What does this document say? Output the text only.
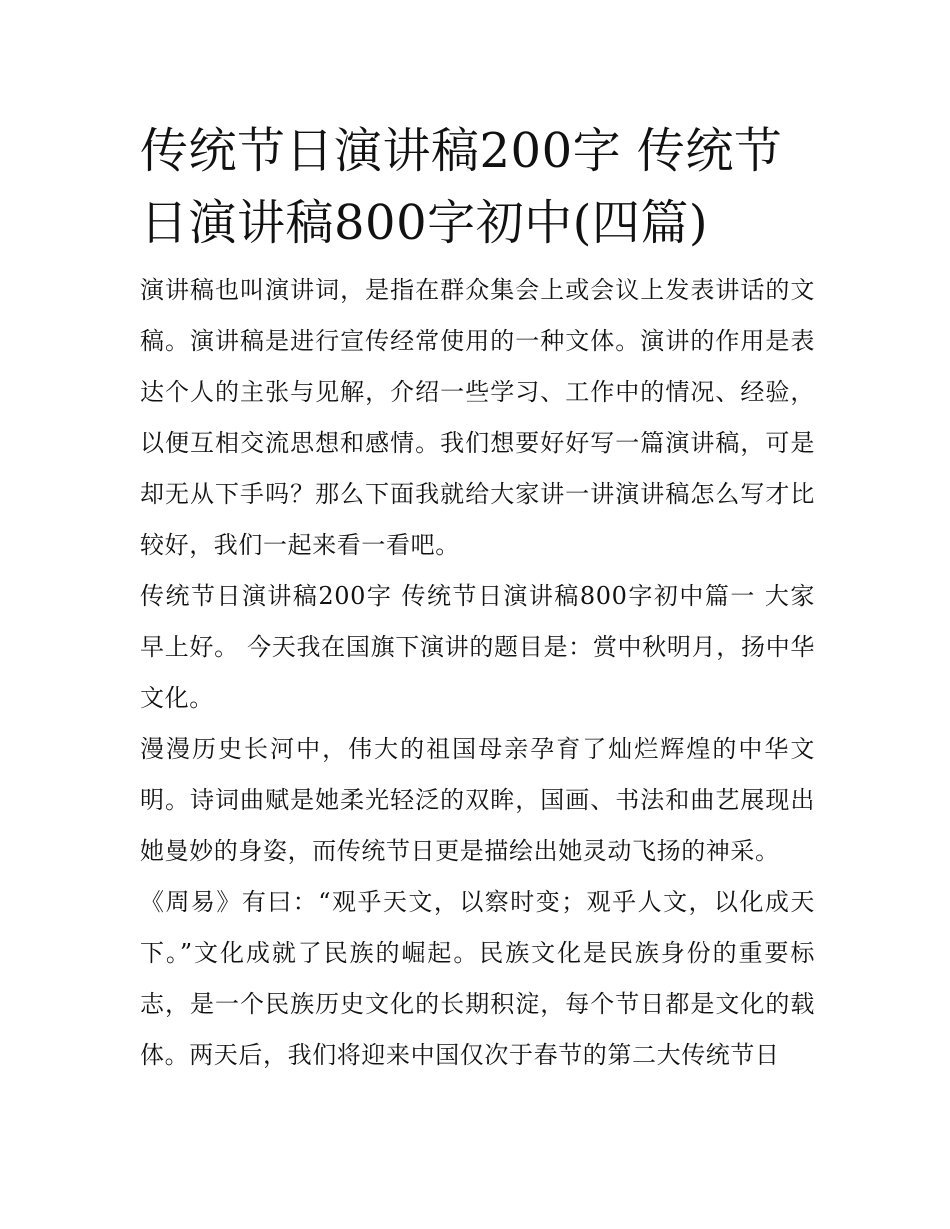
传统节日演讲稿200字 传统节日演讲稿800字初中(四篇)

演讲稿也叫演讲词，是指在群众集会上或会议上发表讲话的文稿。演讲稿是进行宣传经常使用的一种文体。演讲的作用是表达个人的主张与见解，介绍一些学习、工作中的情况、经验，以便互相交流思想和感情。我们想要好好写一篇演讲稿，可是却无从下手吗？那么下面我就给大家讲一讲演讲稿怎么写才比较好，我们一起来看一看吧。

传统节日演讲稿200字 传统节日演讲稿800字初中篇一 大家早上好。 今天我在国旗下演讲的题目是：赏中秋明月，扬中华文化。

漫漫历史长河中，伟大的祖国母亲孕育了灿烂辉煌的中华文明。诗词曲赋是她柔光轻泛的双眸，国画、书法和曲艺展现出她曼妙的身姿，而传统节日更是描绘出她灵动飞扬的神采。

《周易》有曰：“观乎天文，以察时变；观乎人文，以化成天下。”文化成就了民族的崛起。民族文化是民族身份的重要标志，是一个民族历史文化的长期积淀，每个节日都是文化的载体。两天后，我们将迎来中国仅次于春节的第二大传统节日
